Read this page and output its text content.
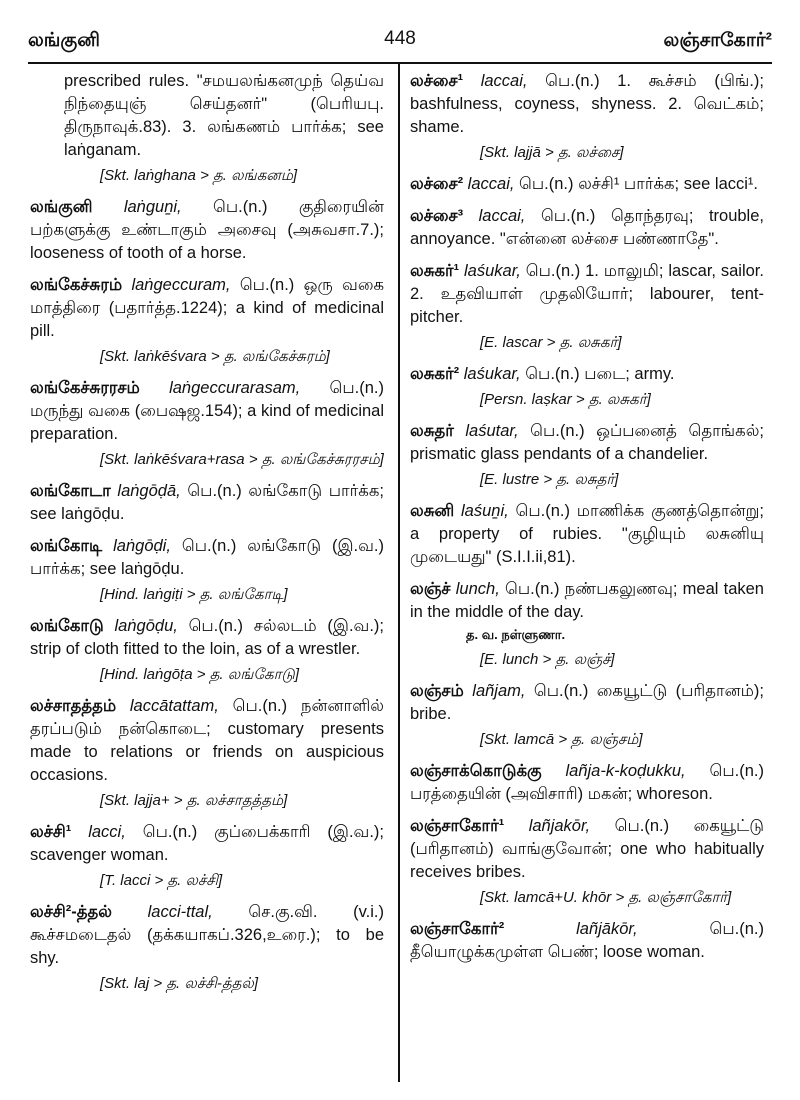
லங்குனி	448	லஞ்சாகோர்²
prescribed rules. "சமயலங்கனமுந் தெய்வ நிந்தையுஞ் செய்தனர்" (பெரியபு. திருநாவுக்.83). 3. லங்கணம் பார்க்க; see laṅganam.
[Skt. laṅghana > த. லங்கனம்]
லங்குனி laṅguṉi, பெ.(n.) குதிரையின் பற்களுக்கு உண்டாகும் அசைவு (அசுவசா.7.); looseness of tooth of a horse.
லங்கேச்சுரம் laṅgeccuram, பெ.(n.) ஒரு வகை மாத்திரை (பதார்த்த.1224); a kind of medicinal pill.
[Skt. laṅkēśvara > த. லங்கேச்சுரம்]
லங்கேச்சுரரசம் laṅgeccurarasam, பெ.(n.) மருந்து வகை (பைஷஜ.154); a kind of medicinal preparation.
[Skt. laṅkēśvara+rasa > த. லங்கேச்சுரரசம்]
லங்கோடா laṅgōḍā, பெ.(n.) லங்கோடு பார்க்க; see laṅgōḍu.
லங்கோடி laṅgōḍi, பெ.(n.) லங்கோடு (இ.வ.) பார்க்க; see laṅgōḍu.
[Hind. laṅgiṭi > த. லங்கோடி]
லங்கோடு laṅgōḍu, பெ.(n.) சல்லடம் (இ.வ.); strip of cloth fitted to the loin, as of a wrestler.
[Hind. laṅgōṭa > த. லங்கோடு]
லச்சாதத்தம் laccātattam, பெ.(n.) நன்னாளில் தரப்படும் நன்கொடை; customary presents made to relations or friends on auspicious occasions.
[Skt. lajja+ > த. லச்சாதத்தம்]
லச்சி¹ lacci, பெ.(n.) குப்பைக்காரி (இ.வ.); scavenger woman.
[T. lacci > த. லச்சி]
லச்சி²-த்தல் lacci-ttal, செ.கு.வி. (v.i.) கூச்சமடைதல் (தக்கயாகப்.326,உரை.); to be shy.
[Skt. laj > த. லச்சி-த்தல்]
லச்சை¹ laccai, பெ.(n.) 1. கூச்சம் (பிங்.); bashfulness, coyness, shyness. 2. வெட்கம்; shame.
[Skt. lajjā > த. லச்சை]
லச்சை² laccai, பெ.(n.) லச்சி¹ பார்க்க; see lacci¹.
லச்சை³ laccai, பெ.(n.) தொந்தரவு; trouble, annoyance. "என்னை லச்சை பண்ணாதே".
லசுகர்¹ laśukar, பெ.(n.) 1. மாலுமி; lascar, sailor. 2. உதவியாள் முதலியோர்; labourer, tent-pitcher.
[E. lascar > த. லசுகர்]
லசுகர்² laśukar, பெ.(n.) படை; army.
[Persn. laṣkar > த. லசுகர்]
லசுதர் laśutar, பெ.(n.) ஒப்பனைத் தொங்கல்; prismatic glass pendants of a chandelier.
[E. lustre > த. லசுதர்]
லசுனி laśuṉi, பெ.(n.) மாணிக்க குணத்தொன்று; a property of rubies. "குழியும் லசுனியு முடையது" (S.I.I.ii,81).
லஞ்ச் lunch, பெ.(n.) நண்பகலுணவு; meal taken in the middle of the day.
த. வ. நள்ளுணா.
[E. lunch > த. லஞ்ச்]
லஞ்சம் lañjam, பெ.(n.) கையூட்டு (பரிதானம்); bribe.
[Skt. lamcā > த. லஞ்சம்]
லஞ்சாக்கொடுக்கு lañja-k-koḍukku, பெ.(n.) பரத்தையின் (அவிசாரி) மகன்; whoreson.
லஞ்சாகோர்¹ lañjakōr, பெ.(n.) கையூட்டு (பரிதானம்) வாங்குவோன்; one who habitually receives bribes.
[Skt. lamcā+U. khōr > த. லஞ்சாகோர்]
லஞ்சாகோர்²	lañjākōr,	பெ.(n.) தீயொழுக்கமுள்ள பெண்; loose woman.
